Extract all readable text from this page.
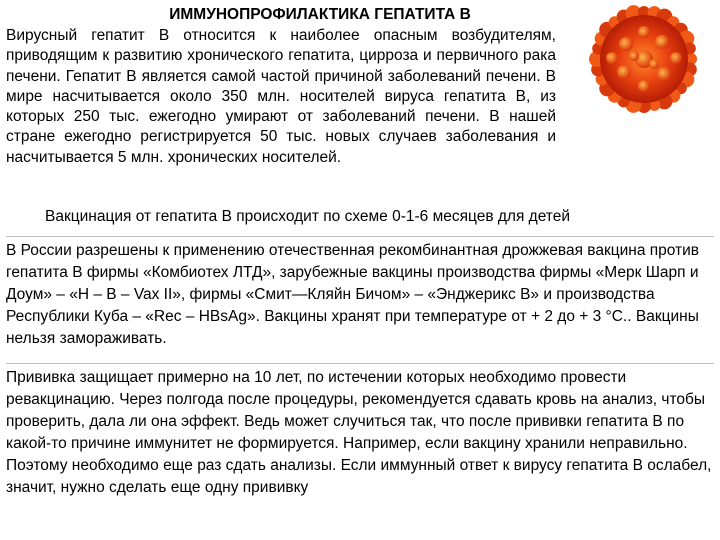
ИММУНОПРОФИЛАКТИКА ГЕПАТИТА В

Вирусный гепатит В относится к наиболее опасным возбудителям, приводящим к развитию хронического гепатита, цирроза и первичного рака печени. Гепатит В является самой частой причиной заболеваний печени. В мире насчитывается около 350 млн. носителей вируса гепатита В, из которых 250 тыс. ежегодно умирают от заболеваний печени. В нашей стране ежегодно регистрируется 50 тыс. новых случаев заболевания и насчитывается 5 млн. хронических носителей.

Вакцинация от гепатита В происходит по схеме 0-1-6 месяцев для детей

В России разрешены к применению отечественная рекомбинантная дрожжевая вакцина против гепатита В фирмы «Комбиотех ЛТД», зарубежные вакцины производства фирмы «Мерк Шарп и Доум» – «Н – В – Vax II», фирмы «Смит—Кляйн Бичом» – «Энджерикс В» и производства Республики Куба – «Rec – HBsAg». Вакцины хранят при температуре от + 2 до + 3 °С.. Вакцины нельзя замораживать.

Прививка защищает примерно на 10 лет, по истечении которых необходимо провести ревакцинацию. Через полгода после процедуры, рекомендуется сдавать кровь на анализ, чтобы проверить, дала ли она эффект. Ведь может случиться так, что после прививки гепатита В по какой-то причине иммунитет не формируется. Например, если вакцину хранили неправильно. Поэтому необходимо еще раз сдать анализы. Если иммунный ответ к вирусу гепатита В ослабел, значит, нужно сделать еще одну прививку
